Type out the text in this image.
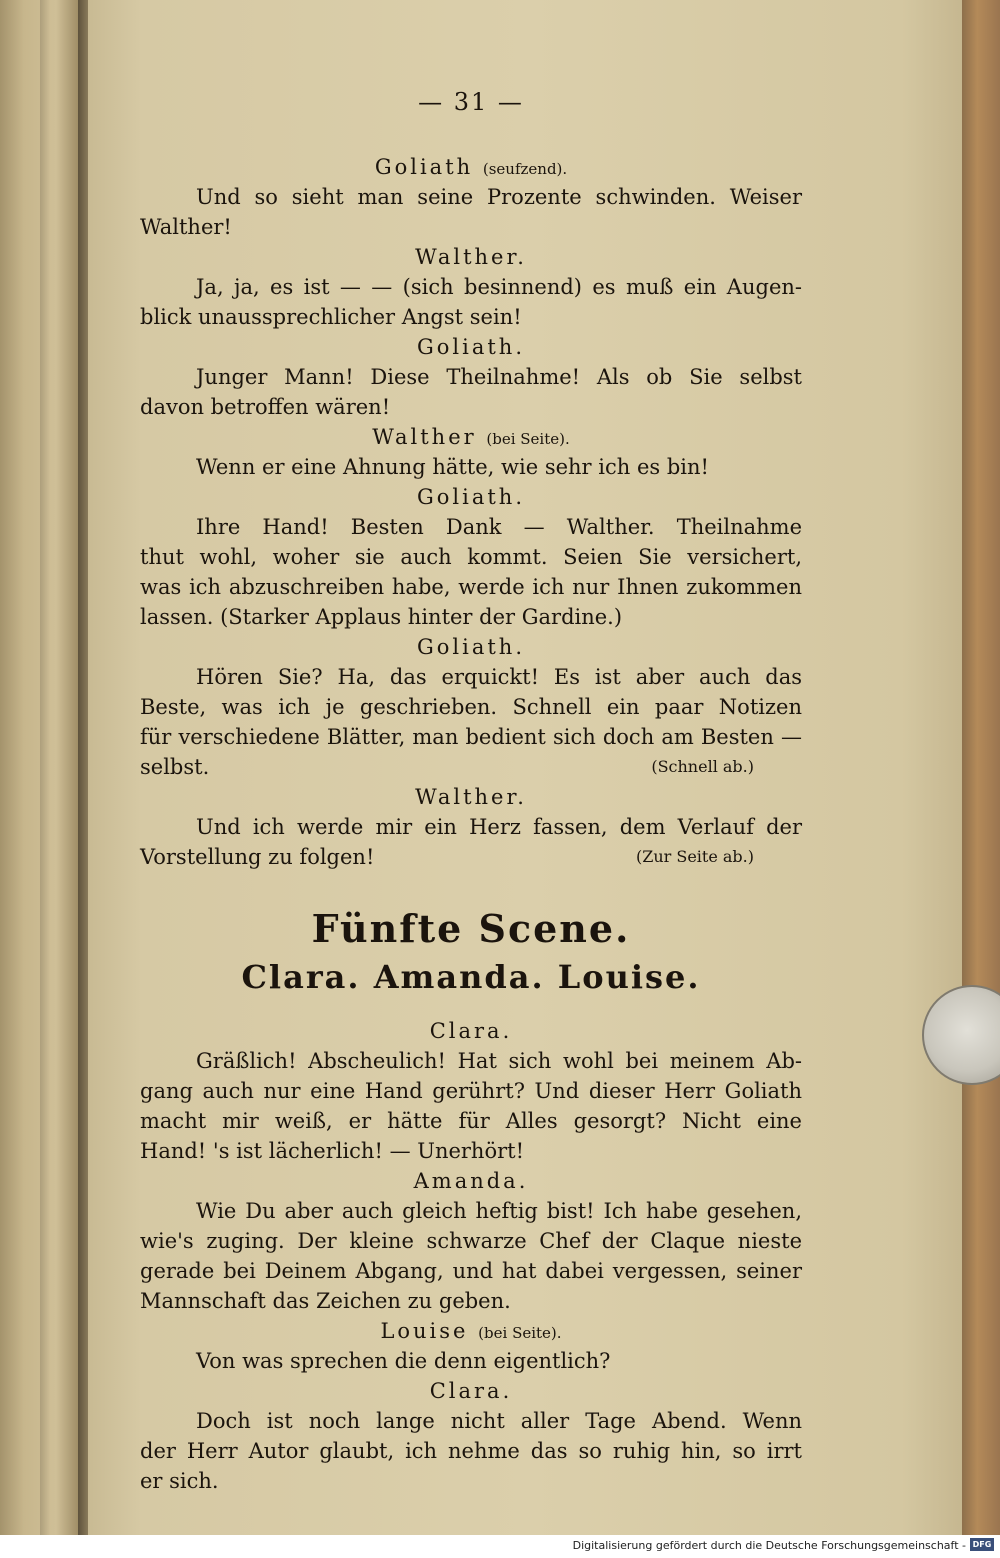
— 31 —
Goliath (seufzend).
Und so sieht man seine Prozente schwinden. Weiser
Walther!
Walther.
Ja, ja, es ist — — (sich besinnend) es muß ein Augen-
blick unaussprechlicher Angst sein!
Goliath.
Junger Mann! Diese Theilnahme! Als ob Sie selbst
davon betroffen wären!
Walther (bei Seite).
Wenn er eine Ahnung hätte, wie sehr ich es bin!
Goliath.
Ihre Hand! Besten Dank — Walther. Theilnahme
thut wohl, woher sie auch kommt. Seien Sie versichert,
was ich abzuschreiben habe, werde ich nur Ihnen zukommen
lassen. (Starker Applaus hinter der Gardine.)
Goliath.
Hören Sie? Ha, das erquickt! Es ist aber auch das
Beste, was ich je geschrieben. Schnell ein paar Notizen
für verschiedene Blätter, man bedient sich doch am Besten —
selbst.	(Schnell ab.)
Walther.
Und ich werde mir ein Herz fassen, dem Verlauf der
Vorstellung zu folgen!	(Zur Seite ab.)
Fünfte Scene.
Clara. Amanda. Louise.
Clara.
Gräßlich! Abscheulich! Hat sich wohl bei meinem Ab-
gang auch nur eine Hand gerührt? Und dieser Herr Goliath
macht mir weiß, er hätte für Alles gesorgt? Nicht eine
Hand! 's ist lächerlich! — Unerhört!
Amanda.
Wie Du aber auch gleich heftig bist! Ich habe gesehen,
wie's zuging. Der kleine schwarze Chef der Claque nieste
gerade bei Deinem Abgang, und hat dabei vergessen, seiner
Mannschaft das Zeichen zu geben.
Louise (bei Seite).
Von was sprechen die denn eigentlich?
Clara.
Doch ist noch lange nicht aller Tage Abend. Wenn
der Herr Autor glaubt, ich nehme das so ruhig hin, so irrt
er sich.
Digitalisierung gefördert durch die Deutsche Forschungsgemeinschaft - DFG
